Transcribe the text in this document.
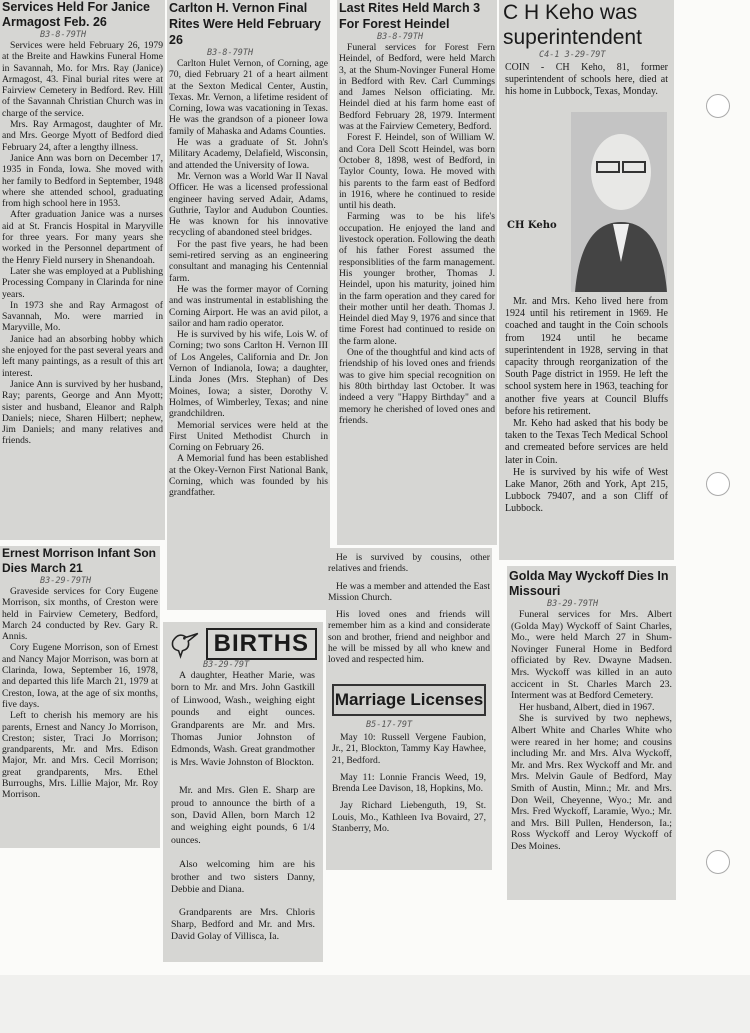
Services Held For Janice Armagost Feb. 26
B3-8-79TH

Services were held February 26, 1979 at the Breite and Hawkins Funeral Home in Savannah, Mo. for Mrs. Ray (Janice) Armagost, 43. Final burial rites were at Fairview Cemetery in Bedford. Rev. Hill of the Savannah Christian Church was in charge of the service.

Mrs. Ray Armagost, daughter of Mr. and Mrs. George Myott of Bedford died February 24, after a lengthy illness.

Janice Ann was born on December 17, 1935 in Fonda, Iowa. She moved with her family to Bedford in September, 1948 where she attended school, graduating from high school here in 1953.

After graduation Janice was a nurses aid at St. Francis Hospital in Maryville for three years. For many years she worked in the Personnel department of the Henry Field nursery in Shenandoah.

Later she was employed at a Publishing Processing Company in Clarinda for nine years.

In 1973 she and Ray Armagost of Savannah, Mo. were married in Maryville, Mo.

Janice had an absorbing hobby which she enjoyed for the past several years and left many paintings, as a result of this art interest.

Janice Ann is survived by her husband, Ray; parents, George and Ann Myott; sister and husband, Eleanor and Ralph Daniels; niece, Sharen Hilbert; nephew, Jim Daniels; and many relatives and friends.

Ernest Morrison Infant Son Dies March 21
B3-29-79TH

Graveside services for Cory Eugene Morrison, six months, of Creston were held in Fairview Cemetery, Bedford, March 24 conducted by Rev. Gary R. Annis.

Cory Eugene Morrison, son of Ernest and Nancy Major Morrison, was born at Clarinda, Iowa, September 16, 1978, and departed this life March 21, 1979 at Creston, Iowa, at the age of six months, five days.

Left to cherish his memory are his parents, Ernest and Nancy Jo Morrison, Creston; sister, Traci Jo Morrison; grandparents, Mr. and Mrs. Edison Major, Mr. and Mrs. Cecil Morrison; great grandparents, Mrs. Ethel Burroughs, Mrs. Lillie Major, Mr. Roy Morrison.

Carlton H. Vernon Final Rites Were Held February 26
B3-8-79TH

Carlton Hulet Vernon, of Corning, age 70, died February 21 of a heart ailment at the Sexton Medical Center, Austin, Texas. Mr. Vernon, a lifetime resident of Corning, Iowa was vacationing in Texas. He was the grandson of a pioneer Iowa family of Mahaska and Adams Counties.

He was a graduate of St. John's Military Academy, Delafield, Wisconsin, and attended the University of Iowa.

Mr. Vernon was a World War II Naval Officer. He was a licensed professional engineer having served Adair, Adams, Guthrie, Taylor and Audubon Counties. He was known for his innovative recycling of abandoned steel bridges.

For the past five years, he had been semi-retired serving as an engineering consultant and managing his Centennial farm.

He was the former mayor of Corning and was instrumental in establishing the Corning Airport. He was an avid pilot, a sailor and ham radio operator.

He is survived by his wife, Lois W. of Corning; two sons Carlton H. Vernon III of Los Angeles, California and Dr. Jon Vernon of Indianola, Iowa; a daughter, Linda Jones (Mrs. Stephan) of Des Moines, Iowa; a sister, Dorothy V. Holmes, of Wimberley, Texas; and nine grandchildren.

Memorial services were held at the First United Methodist Church in Corning on February 26.

A Memorial fund has been established at the Okey-Vernon First National Bank, Corning, which was founded by his grandfather.

BIRTHS
B3-29-79T

A daughter, Heather Marie, was born to Mr. and Mrs. John Gastkill of Linwood, Wash., weighing eight pounds and eight ounces. Grandparents are Mr. and Mrs. Thomas Junior Johnston of Edmonds, Wash. Great grandmother is Mrs. Wavie Johnston of Blockton.

Mr. and Mrs. Glen E. Sharp are proud to announce the birth of a son, David Allen, born March 12 and weighing eight pounds, 6 1/4 ounces.

Also welcoming him are his brother and two sisters Danny, Debbie and Diana.

Grandparents are Mrs. Chloris Sharp, Bedford and Mr. and Mrs. David Golay of Villisca, Ia.

Last Rites Held March 3 For Forest Heindel
B3-8-79TH

Funeral services for Forest Fern Heindel, of Bedford, were held March 3, at the Shum-Novinger Funeral Home in Bedford with Rev. Carl Cummings and James Nelson officiating. Mr. Heindel died at his farm home east of Bedford February 28, 1979. Interment was at the Fairview Cemetery, Bedford.

Forest F. Heindel, son of William W. and Cora Dell Scott Heindel, was born October 8, 1898, west of Bedford, in Taylor County, Iowa. He moved with his parents to the farm east of Bedford in 1916, where he continued to reside until his death.

Farming was to be his life's occupation. He enjoyed the land and livestock operation. Following the death of his father Forest assumed the responsiblities of the farm management. His younger brother, Thomas J. Heindel, upon his maturity, joined him in the farm operation and they cared for their mother until her death. Thomas J. Heindel died May 9, 1976 and since that time Forest had continued to reside on the farm alone.

One of the thoughtful and kind acts of friendship of his loved ones and friends was to give him special recognition on his 80th birthday last October. It was indeed a very "Happy Birthday" and a memory he cherished of loved ones and friends.

He is survived by cousins, other relatives and friends.

He was a member and attended the East Mission Church.

His loved ones and friends will remember him as a kind and considerate son and brother, friend and neighbor and he will be missed by all who knew and loved and respected him.

Marriage Licenses
B5-17-79T

May 10: Russell Vergene Faubion, Jr., 21, Blockton, Tammy Kay Hawhee, 21, Bedford.

May 11: Lonnie Francis Weed, 19, Brenda Lee Davison, 18, Hopkins, Mo.

Jay Richard Liebenguth, 19, St. Louis, Mo., Kathleen Iva Bovaird, 27, Stanberry, Mo.

C H Keho was superintendent
C4-1 3-29-79T
COIN - CH Keho, 81, former superintendent of schools here, died at his home in Lubbock, Texas, Monday.
CH Keho

Mr. and Mrs. Keho lived here from 1924 until his retirement in 1969. He coached and taught in the Coin schools from 1924 until he became superintendent in 1928, serving in that capacity through reorganization of the South Page district in 1959. He left the school system here in 1963, teaching for another five years at Council Bluffs before his retirement.

Mr. Keho had asked that his body be taken to the Texas Tech Medical School and cremeated before services are held later in Coin.

He is survived by his wife of West Lake Manor, 26th and York, Apt 215, Lubbock 79407, and a son Cliff of Lubbock.

Golda May Wyckoff Dies In Missouri
B3-29-79TH

Funeral services for Mrs. Albert (Golda May) Wyckoff of Saint Charles, Mo., were held March 27 in Shum-Novinger Funeral Home in Bedford officiated by Rev. Dwayne Madsen. Mrs. Wyckoff was killed in an auto accicent in St. Charles March 23. Interment was at Bedford Cemetery.

Her husband, Albert, died in 1967.

She is survived by two nephews, Albert White and Charles White who were reared in her home; and cousins including Mr. and Mrs. Alva Wyckoff, Mr. and Mrs. Rex Wyckoff and Mr. and Mrs. Melvin Gaule of Bedford, May Smith of Austin, Minn.; Mr. and Mrs. Don Weil, Cheyenne, Wyo.; Mr. and Mrs. Fred Wyckoff, Laramie, Wyo.; Mr. and Mrs. Bill Pullen, Henderson, Ia.; Ross Wyckoff and Leroy Wyckoff of Des Moines.
